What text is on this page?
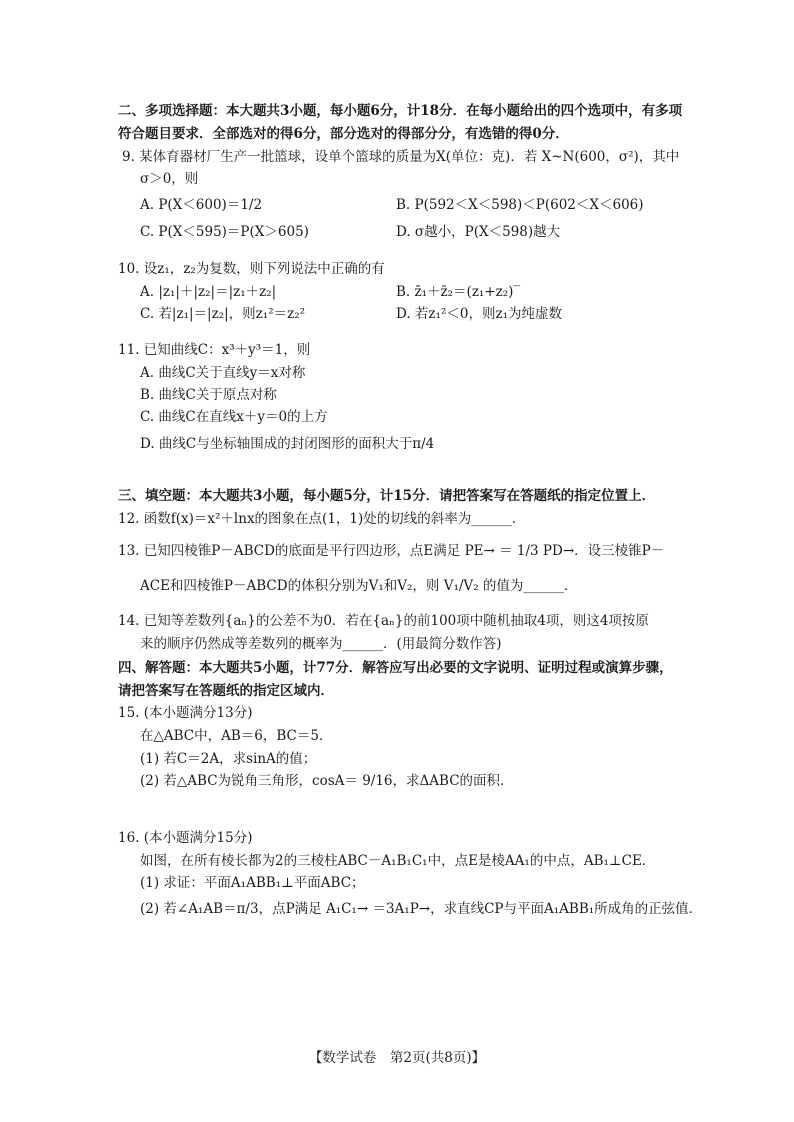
二、多项选择题：本大题共3小题，每小题6分，计18分．在每小题给出的四个选项中，有多项
符合题目要求．全部选对的得6分，部分选对的得部分分，有选错的得0分．
9. 某体育器材厂生产一批篮球，设单个篮球的质量为X(单位：克)．若 X~N(600，σ²)，其中
σ＞0，则
A. P(X＜600)＝1/2	B. P(592＜X＜598)＜P(602＜X＜606)
C. P(X＜595)＝P(X＞605)	D. σ越小，P(X＜598)越大
10. 设z₁，z₂为复数，则下列说法中正确的有
A. |z₁|＋|z₂|＝|z₁＋z₂|	B. z̄₁＋z̄₂＝(z₁+z₂)‾
C. 若|z₁|＝|z₂|，则z₁²＝z₂²	D. 若z₁²＜0，则z₁为纯虚数
11. 已知曲线C：x³＋y³＝1，则
A. 曲线C关于直线y＝x对称
B. 曲线C关于原点对称
C. 曲线C在直线x＋y＝0的上方
D. 曲线C与坐标轴围成的封闭图形的面积大于π/4
三、填空题：本大题共3小题，每小题5分，计15分．请把答案写在答题纸的指定位置上．
12. 函数f(x)＝x²＋lnx的图象在点(1，1)处的切线的斜率为______．
13. 已知四棱锥P－ABCD的底面是平行四边形，点E满足 PE→ ＝ 1/3 PD→．设三棱锥P－
ACE和四棱锥P－ABCD的体积分别为V₁和V₂，则 V₁/V₂ 的值为______．
14. 已知等差数列{aₙ}的公差不为0．若在{aₙ}的前100项中随机抽取4项，则这4项按原
来的顺序仍然成等差数列的概率为______．(用最简分数作答)
四、解答题：本大题共5小题，计77分．解答应写出必要的文字说明、证明过程或演算步骤，
请把答案写在答题纸的指定区域内．
15. (本小题满分13分)
在△ABC中，AB＝6，BC＝5．
(1) 若C＝2A，求sinA的值；
(2) 若△ABC为锐角三角形，cosA＝ 9/16，求ΔABC的面积．
16. (本小题满分15分)
如图，在所有棱长都为2的三棱柱ABC－A₁B₁C₁中，点E是棱AA₁的中点，AB₁⊥CE．
(1) 求证：平面A₁ABB₁⊥平面ABC；
(2) 若∠A₁AB＝π/3，点P满足 A₁C₁→ ＝3A₁P→，求直线CP与平面A₁ABB₁所成角的正弦值．
【数学试卷　第2页(共8页)】
